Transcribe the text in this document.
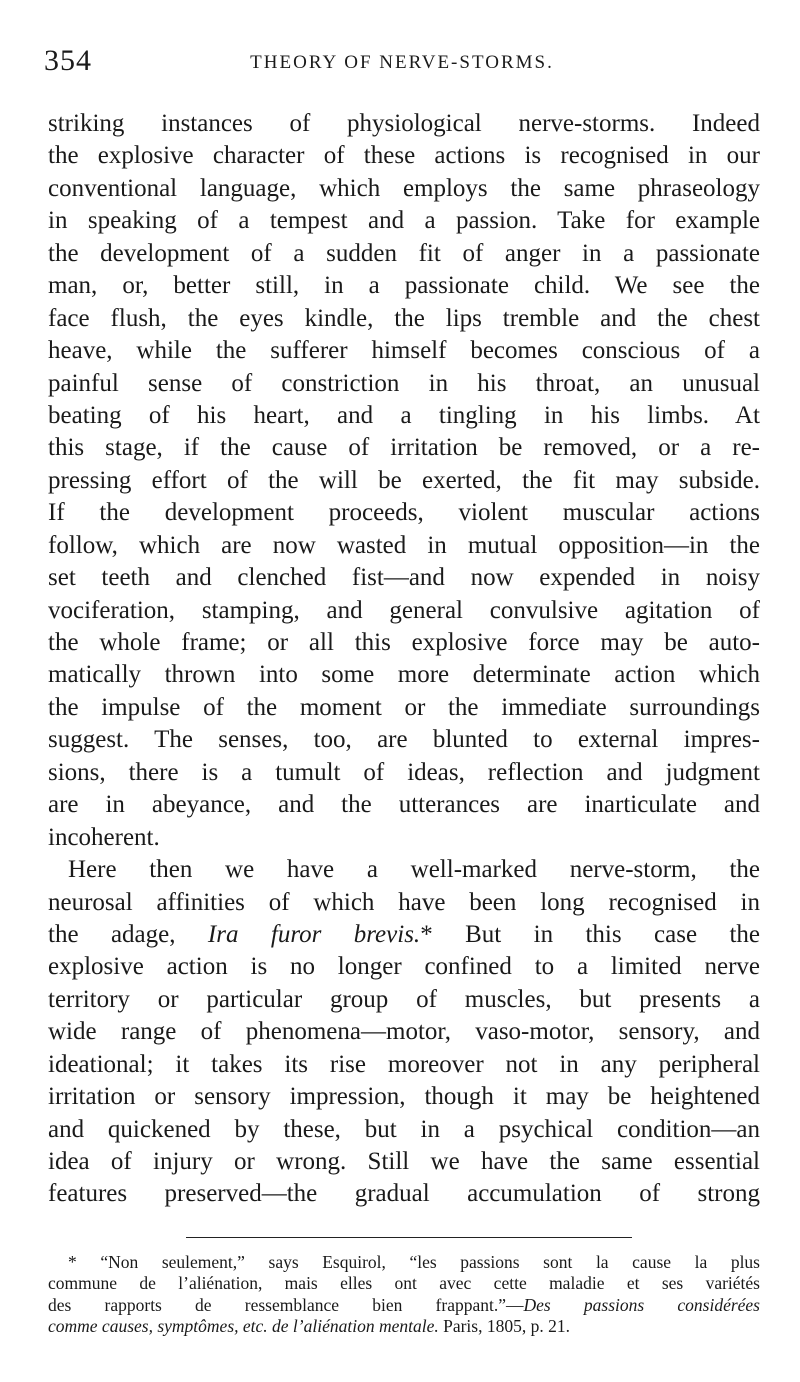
354	THEORY OF NERVE-STORMS.
striking instances of physiological nerve-storms. Indeed
the explosive character of these actions is recognised in our
conventional language, which employs the same phraseology
in speaking of a tempest and a passion. Take for example
the development of a sudden fit of anger in a passionate
man, or, better still, in a passionate child. We see the
face flush, the eyes kindle, the lips tremble and the chest
heave, while the sufferer himself becomes conscious of a
painful sense of constriction in his throat, an unusual
beating of his heart, and a tingling in his limbs. At
this stage, if the cause of irritation be removed, or a re-
pressing effort of the will be exerted, the fit may subside.
If the development proceeds, violent muscular actions
follow, which are now wasted in mutual opposition—in the
set teeth and clenched fist—and now expended in noisy
vociferation, stamping, and general convulsive agitation of
the whole frame; or all this explosive force may be auto-
matically thrown into some more determinate action which
the impulse of the moment or the immediate surroundings
suggest. The senses, too, are blunted to external impres-
sions, there is a tumult of ideas, reflection and judgment
are in abeyance, and the utterances are inarticulate and
incoherent.
Here then we have a well-marked nerve-storm, the
neurosal affinities of which have been long recognised in
the adage, Ira furor brevis.* But in this case the
explosive action is no longer confined to a limited nerve
territory or particular group of muscles, but presents a
wide range of phenomena—motor, vaso-motor, sensory, and
ideational; it takes its rise moreover not in any peripheral
irritation or sensory impression, though it may be heightened
and quickened by these, but in a psychical condition—an
idea of injury or wrong. Still we have the same essential
features preserved—the gradual accumulation of strong
* “Non seulement,” says Esquirol, “les passions sont la cause la plus
commune de l’aliénation, mais elles ont avec cette maladie et ses variétés
des rapports de ressemblance bien frappant.”—Des passions considérées
comme causes, symptômes, etc. de l’aliénation mentale. Paris, 1805, p. 21.
